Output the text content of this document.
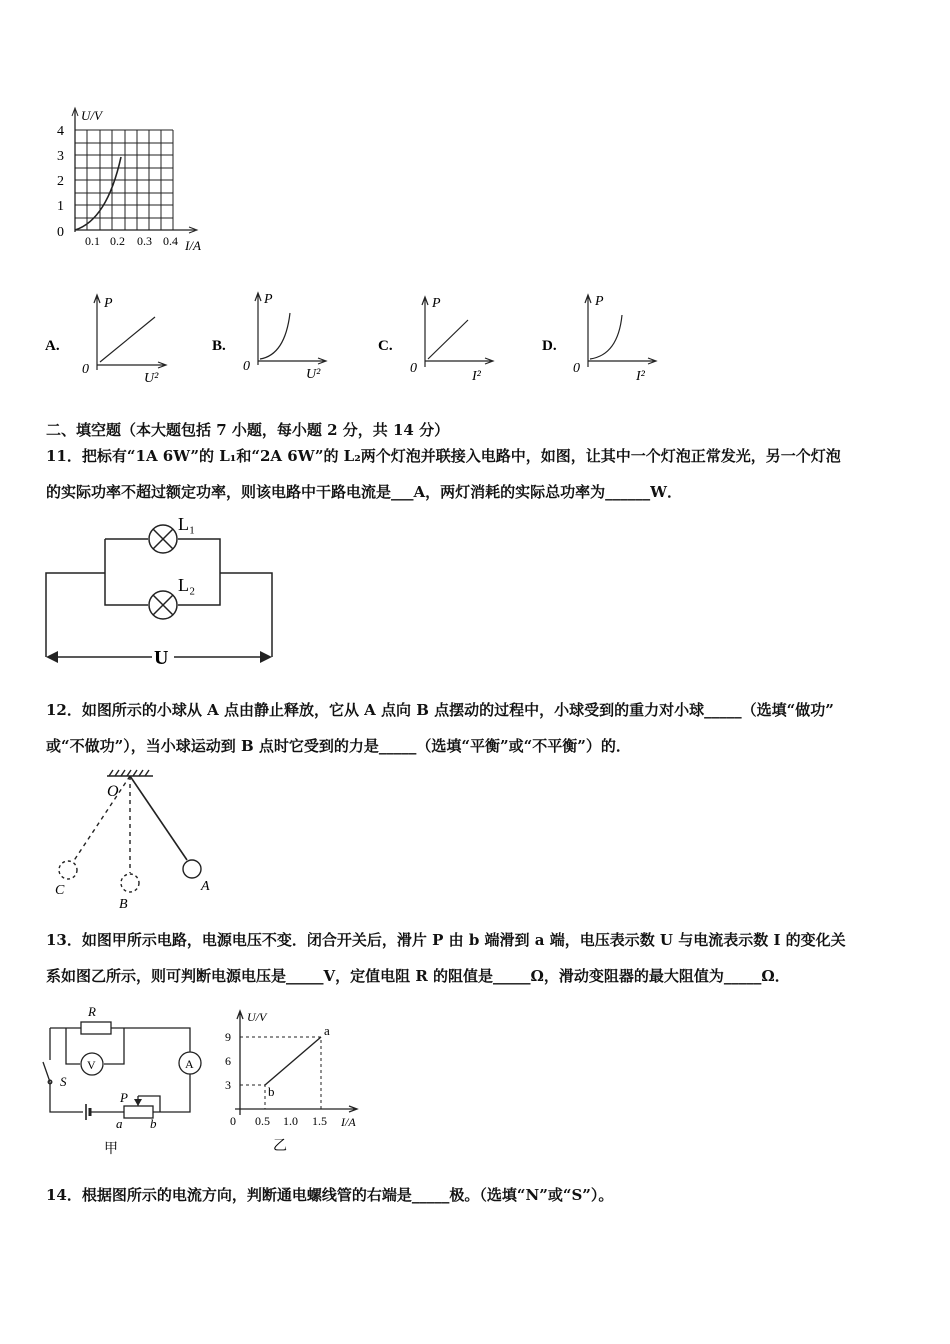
U/V
I/A
0
1
2
3
4
0.1 0.2 0.3 0.4
A.
P
0
U²
B.
P
0
U²
C.
P
0
I²
D.
P
0
I²
二、填空题（本大题包括 7 小题，每小题 2 分，共 14 分）
11．把标有“1A 6W”的 L₁和“2A 6W”的 L₂两个灯泡并联接入电路中，如图，让其中一个灯泡正常发光，另一个灯泡
的实际功率不超过额定功率，则该电路中干路电流是___A，两灯消耗的实际总功率为______W．
L₁
L₂
U
12．如图所示的小球从 A 点由静止释放，它从 A 点向 B 点摆动的过程中，小球受到的重力对小球_____（选填“做功”
或“不做功”），当小球运动到 B 点时它受到的力是_____（选填“平衡”或“不平衡”）的．
O
C
B
A
13．如图甲所示电路，电源电压不变．闭合开关后，滑片 P 由 b 端滑到 a 端，电压表示数 U 与电流表示数 I 的变化关
系如图乙所示，则可判断电源电压是_____V，定值电阻 R 的阻值是_____Ω，滑动变阻器的最大阻值为_____Ω．
R
V	A
S
P
a b
甲
U/V
I/A
0
3
6
9
0.5 1.0 1.5
a
b
乙
14．根据图所示的电流方向，判断通电螺线管的右端是_____极。（选填“N”或“S”）。
